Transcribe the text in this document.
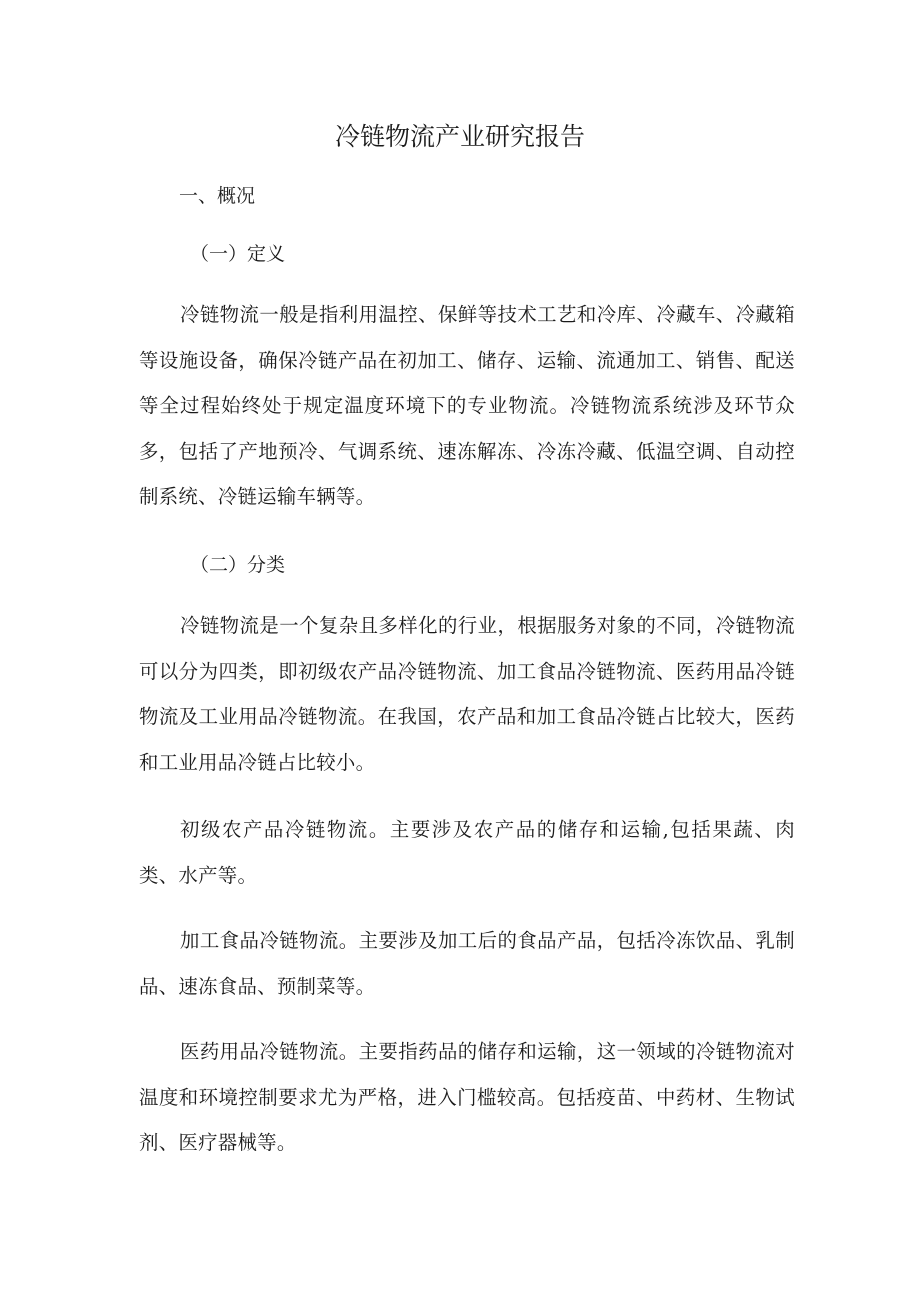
冷链物流产业研究报告
一、概况
（一）定义

冷链物流一般是指利用温控、保鲜等技术工艺和冷库、冷藏车、冷藏箱等设施设备，确保冷链产品在初加工、储存、运输、流通加工、销售、配送等全过程始终处于规定温度环境下的专业物流。冷链物流系统涉及环节众多，包括了产地预冷、气调系统、速冻解冻、冷冻冷藏、低温空调、自动控制系统、冷链运输车辆等。

（二）分类

冷链物流是一个复杂且多样化的行业，根据服务对象的不同，冷链物流可以分为四类，即初级农产品冷链物流、加工食品冷链物流、医药用品冷链物流及工业用品冷链物流。在我国，农产品和加工食品冷链占比较大，医药和工业用品冷链占比较小。

初级农产品冷链物流。主要涉及农产品的储存和运输,包括果蔬、肉类、水产等。

加工食品冷链物流。主要涉及加工后的食品产品，包括冷冻饮品、乳制品、速冻食品、预制菜等。

医药用品冷链物流。主要指药品的储存和运输，这一领域的冷链物流对温度和环境控制要求尤为严格，进入门槛较高。包括疫苗、中药材、生物试剂、医疗器械等。
